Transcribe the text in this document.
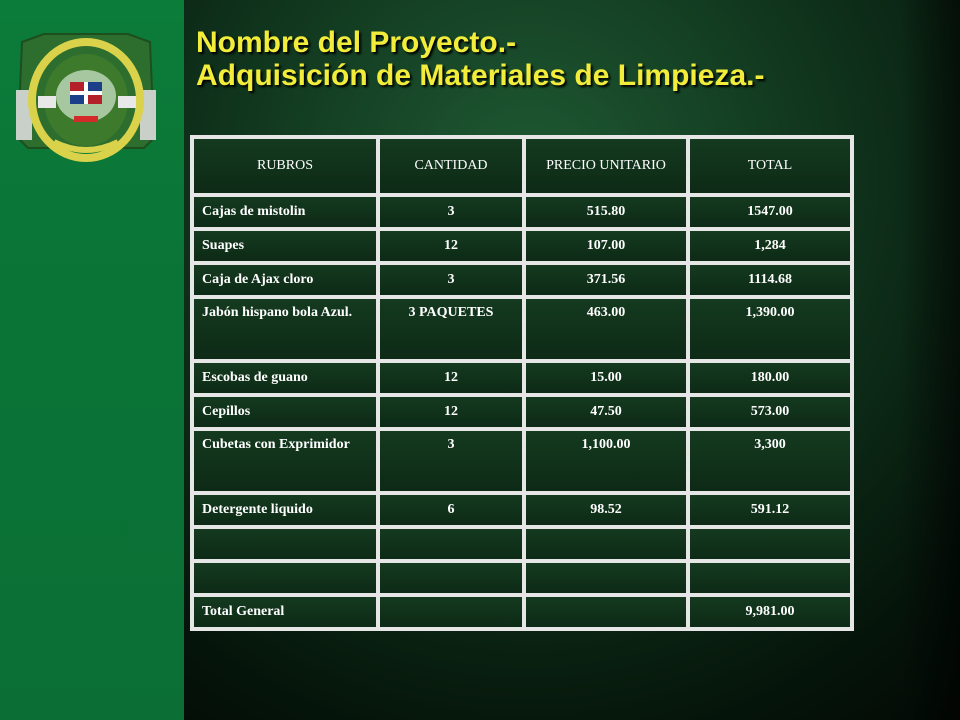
Nombre del Proyecto.-
Adquisición de Materiales de Limpieza.-
RUBROS	CANTIDAD	PRECIO UNITARIO	TOTAL
Cajas de mistolin	3	515.80	1547.00
Suapes	12	107.00	1,284
Caja de Ajax cloro	3	371.56	1114.68
Jabón hispano bola Azul.	3 PAQUETES	463.00	1,390.00
Escobas de guano	12	15.00	180.00
Cepillos	12	47.50	573.00
Cubetas con Exprimidor	3	1,100.00	3,300
Detergente liquido	6	98.52	591.12

Total General			9,981.00
